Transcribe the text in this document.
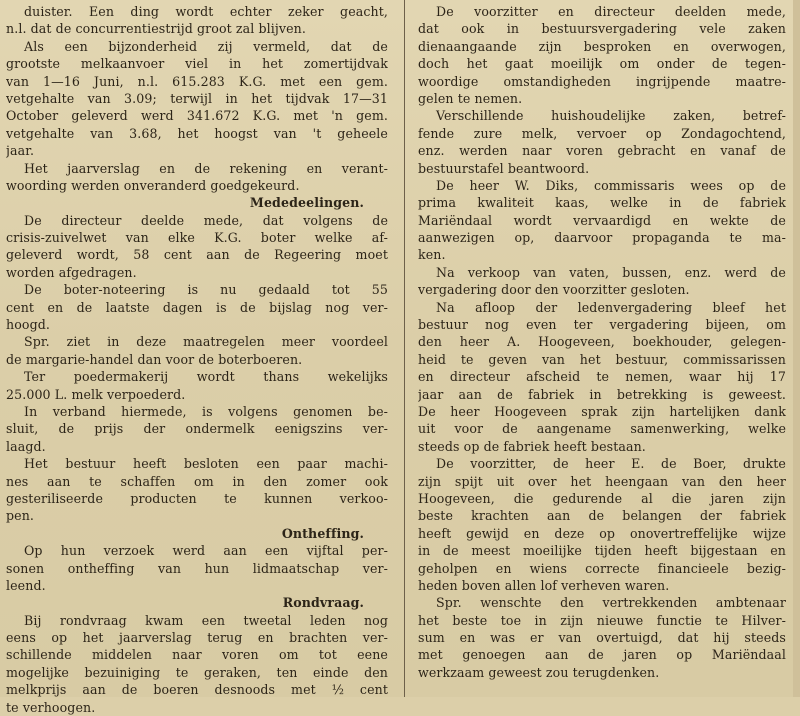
duister. Een ding wordt echter zeker geacht,
n.l. dat de concurrentiestrijd groot zal blijven.
Als een bijzonderheid zij vermeld, dat de
grootste melkaanvoer viel in het zomertijdvak
van 1—16 Juni, n.l. 615.283 K.G. met een gem.
vetgehalte van 3.09; terwijl in het tijdvak 17—31
October geleverd werd 341.672 K.G. met 'n gem.
vetgehalte van 3.68, het hoogst van 't geheele
jaar.
Het jaarverslag en de rekening en verant-
woording werden onveranderd goedgekeurd.
Mededeelingen.
De directeur deelde mede, dat volgens de
crisis-zuivelwet van elke K.G. boter welke af-
geleverd wordt, 58 cent aan de Regeering moet
worden afgedragen.
De boter-noteering is nu gedaald tot 55
cent en de laatste dagen is de bijslag nog ver-
hoogd.
Spr. ziet in deze maatregelen meer voordeel
de margarie-handel dan voor de boterboeren.
Ter poedermakerij wordt thans wekelijks
25.000 L. melk verpoederd.
In verband hiermede, is volgens genomen be-
sluit, de prijs der ondermelk eenigszins ver-
laagd.
Het bestuur heeft besloten een paar machi-
nes aan te schaffen om in den zomer ook
gesteriliseerde producten te kunnen verkoo-
pen.
Ontheffing.
Op hun verzoek werd aan een vijftal per-
sonen ontheffing van hun lidmaatschap ver-
leend.
Rondvraag.
Bij rondvraag kwam een tweetal leden nog
eens op het jaarverslag terug en brachten ver-
schillende middelen naar voren om tot eene
mogelijke bezuiniging te geraken, ten einde den
melkprijs aan de boeren desnoods met ½ cent
te verhoogen.
De voorzitter en directeur deelden mede,
dat ook in bestuursvergadering vele zaken
dienaangaande zijn besproken en overwogen,
doch het gaat moeilijk om onder de tegen-
woordige omstandigheden ingrijpende maatre-
gelen te nemen.
Verschillende huishoudelijke zaken, betref-
fende zure melk, vervoer op Zondagochtend,
enz. werden naar voren gebracht en vanaf de
bestuurstafel beantwoord.
De heer W. Diks, commissaris wees op de
prima kwaliteit kaas, welke in de fabriek
Mariëndaal wordt vervaardigd en wekte de
aanwezigen op, daarvoor propaganda te ma-
ken.
Na verkoop van vaten, bussen, enz. werd de
vergadering door den voorzitter gesloten.
Na afloop der ledenvergadering bleef het
bestuur nog even ter vergadering bijeen, om
den heer A. Hoogeveen, boekhouder, gelegen-
heid te geven van het bestuur, commissarissen
en directeur afscheid te nemen, waar hij 17
jaar aan de fabriek in betrekking is geweest.
De heer Hoogeveen sprak zijn hartelijken dank
uit voor de aangename samenwerking, welke
steeds op de fabriek heeft bestaan.
De voorzitter, de heer E. de Boer, drukte
zijn spijt uit over het heengaan van den heer
Hoogeveen, die gedurende al die jaren zijn
beste krachten aan de belangen der fabriek
heeft gewijd en deze op onovertreffelijke wijze
in de meest moeilijke tijden heeft bijgestaan en
geholpen en wiens correcte financieele bezig-
heden boven allen lof verheven waren.
Spr. wenschte den vertrekkenden ambtenaar
het beste toe in zijn nieuwe functie te Hilver-
sum en was er van overtuigd, dat hij steeds
met genoegen aan de jaren op Mariëndaal
werkzaam geweest zou terugdenken.
